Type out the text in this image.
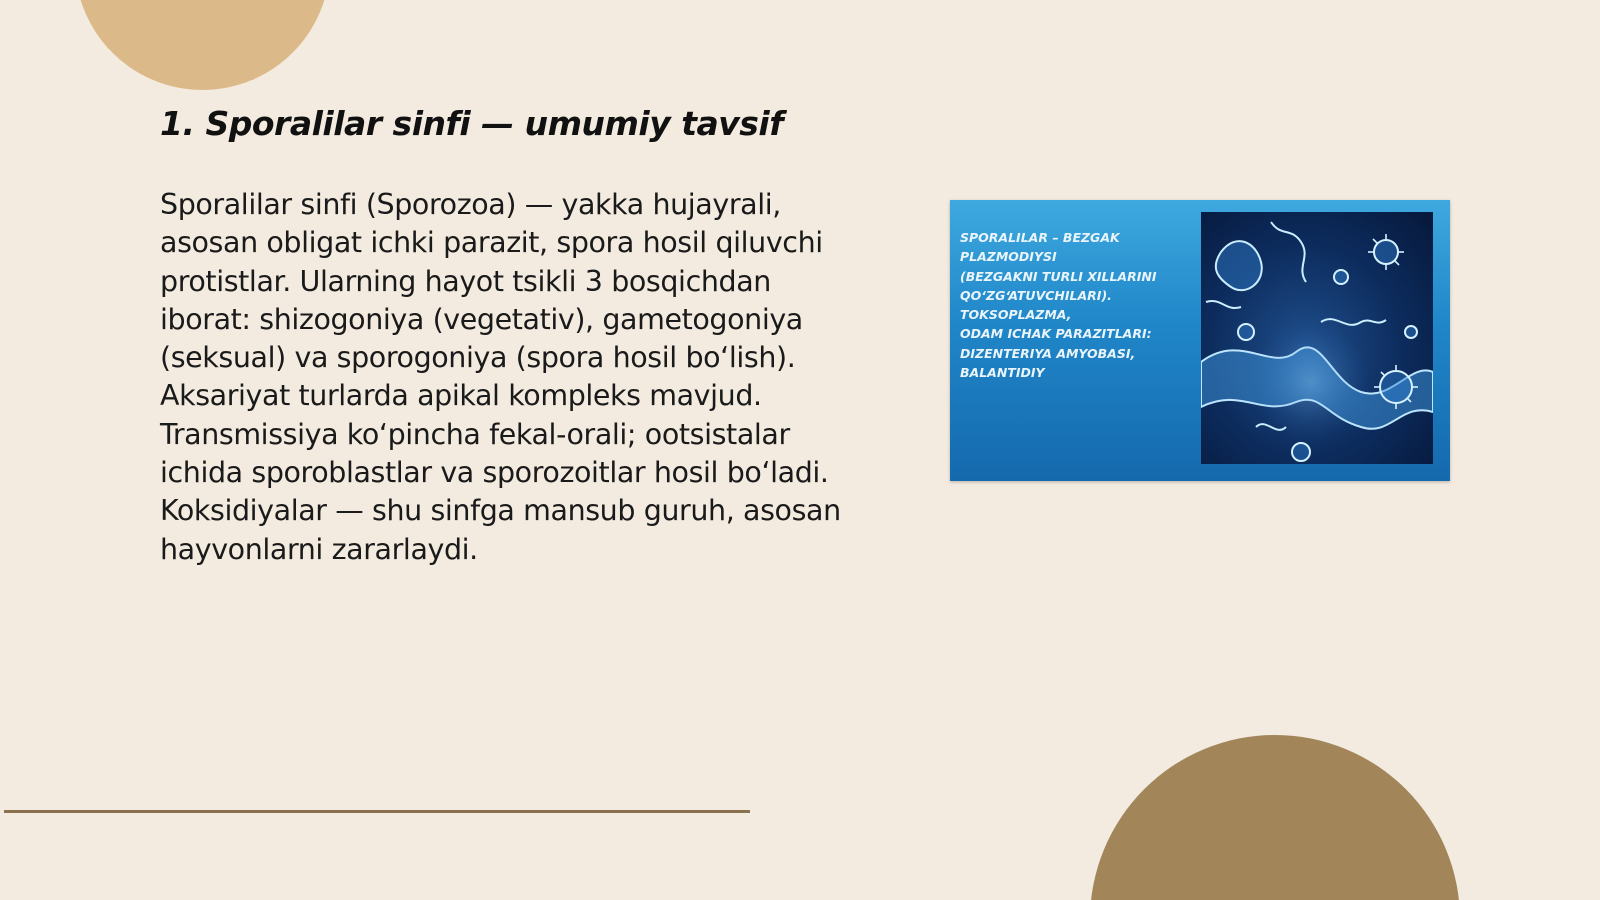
1. Sporalilar sinfi — umumiy tavsif

Sporalilar sinfi (Sporozoa) — yakka hujayrali, asosan obligat ichki parazit, spora hosil qiluvchi protistlar. Ularning hayot tsikli 3 bosqichdan iborat: shizogoniya (vegetativ), gametogoniya (seksual) va sporogoniya (spora hosil bo‘lish). Aksariyat turlarda apikal kompleks mavjud. Transmissiya ko‘pincha fekal-orali; ootsistalar ichida sporoblastlar va sporozoitlar hosil bo‘ladi. Koksidiyalar — shu sinfga mansub guruh, asosan hayvonlarni zararlaydi.

SPORALILAR – BEZGAK PLAZMODIYSI
(BEZGAKNI TURLI XILLARINI QO‘ZG‘ATUVCHILARI).
TOKSOPLAZMA,
ODAM ICHAK PARAZITLARI: DIZENTERIYA AMYOBASI, BALANTIDIY
